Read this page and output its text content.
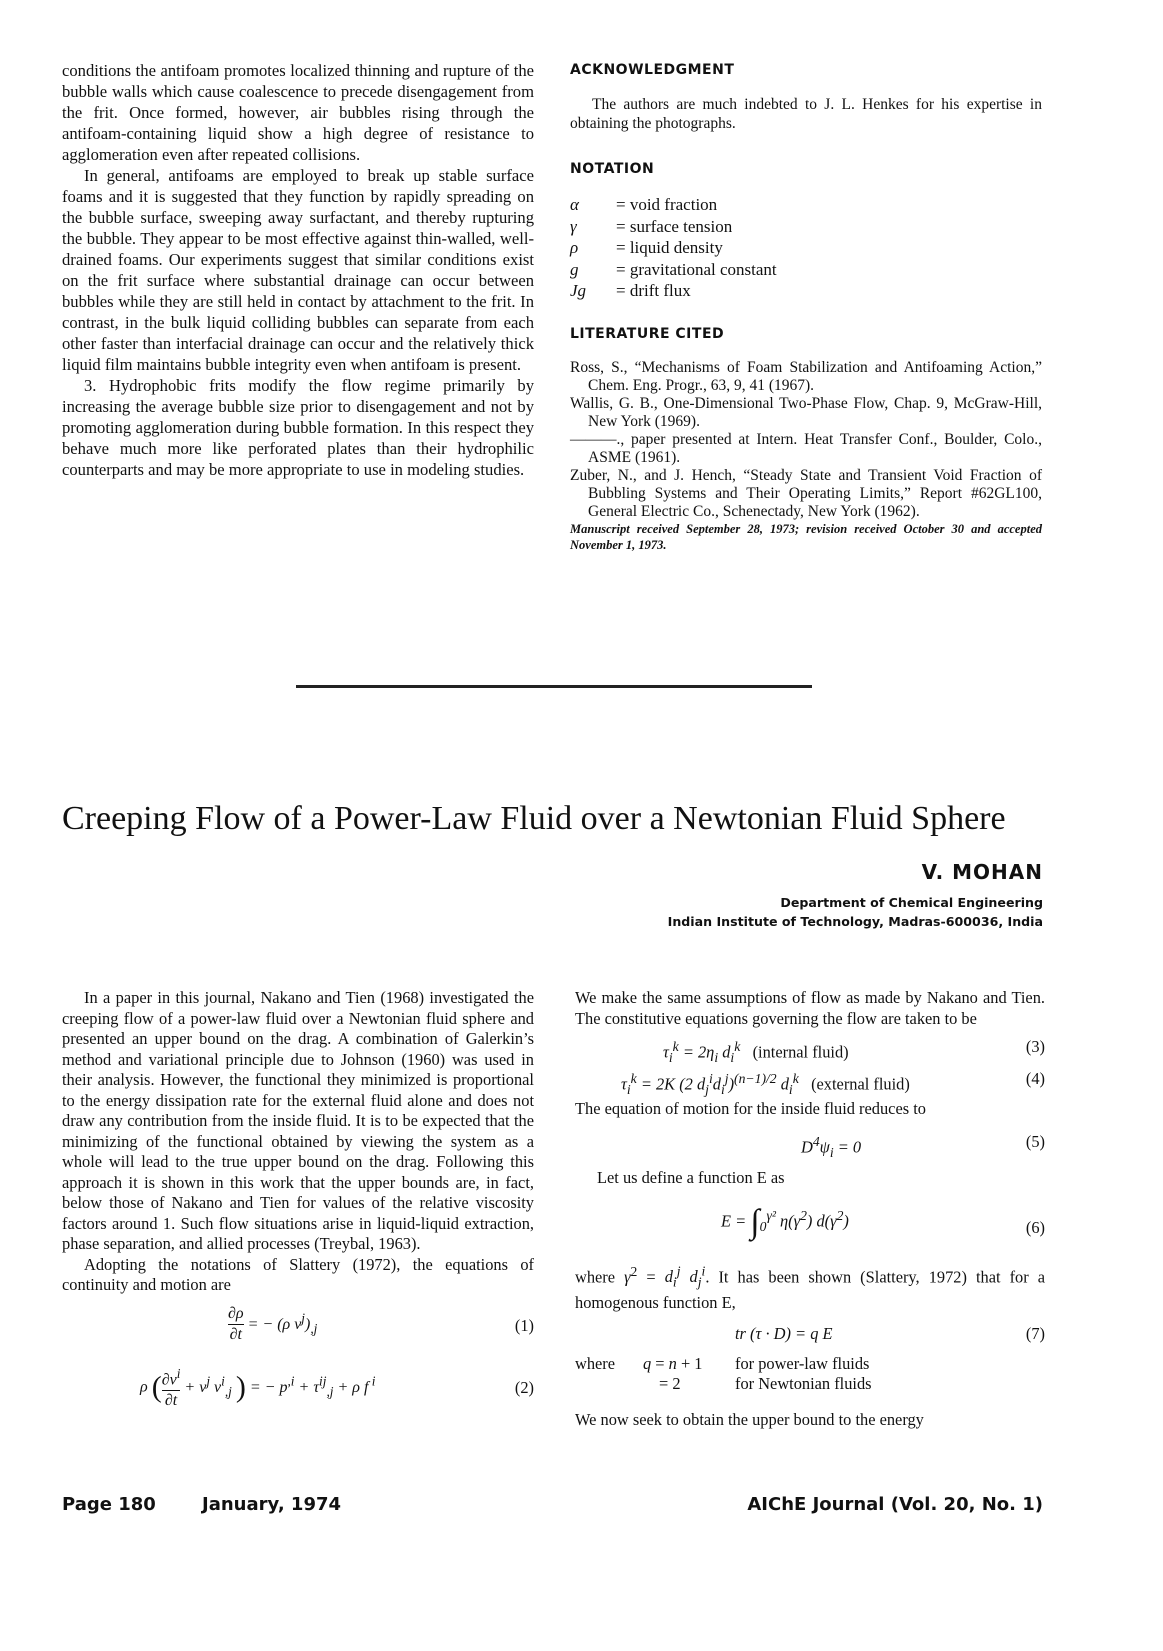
conditions the antifoam promotes localized thinning and rupture of the bubble walls which cause coalescence to precede disengagement from the frit. Once formed, however, air bubbles rising through the antifoam-containing liquid show a high degree of resistance to agglomeration even after repeated collisions.

In general, antifoams are employed to break up stable surface foams and it is suggested that they function by rapidly spreading on the bubble surface, sweeping away surfactant, and thereby rupturing the bubble. They appear to be most effective against thin-walled, well-drained foams. Our experiments suggest that similar conditions exist on the frit surface where substantial drainage can occur between bubbles while they are still held in contact by attachment to the frit. In contrast, in the bulk liquid colliding bubbles can separate from each other faster than interfacial drainage can occur and the relatively thick liquid film maintains bubble integrity even when antifoam is present.

3. Hydrophobic frits modify the flow regime primarily by increasing the average bubble size prior to disengagement and not by promoting agglomeration during bubble formation. In this respect they behave much more like perforated plates than their hydrophilic counterparts and may be more appropriate to use in modeling studies.

ACKNOWLEDGMENT

The authors are much indebted to J. L. Henkes for his expertise in obtaining the photographs.

NOTATION

α	= void fraction
γ	= surface tension
ρ	= liquid density
g	= gravitational constant
Jg	= drift flux

LITERATURE CITED

Ross, S., “Mechanisms of Foam Stabilization and Antifoaming Action,” Chem. Eng. Progr., 63, 9, 41 (1967).

Wallis, G. B., One-Dimensional Two-Phase Flow, Chap. 9, McGraw-Hill, New York (1969).

———., paper presented at Intern. Heat Transfer Conf., Boulder, Colo., ASME (1961).

Zuber, N., and J. Hench, “Steady State and Transient Void Fraction of Bubbling Systems and Their Operating Limits,” Report #62GL100, General Electric Co., Schenectady, New York (1962).

Manuscript received September 28, 1973; revision received October 30 and accepted November 1, 1973.

Creeping Flow of a Power-Law Fluid over a Newtonian Fluid Sphere
V. MOHAN
Department of Chemical Engineering
Indian Institute of Technology, Madras-600036, India

In a paper in this journal, Nakano and Tien (1968) investigated the creeping flow of a power-law fluid over a Newtonian fluid sphere and presented an upper bound on the drag. A combination of Galerkin’s method and variational principle due to Johnson (1960) was used in their analysis. However, the functional they minimized is proportional to the energy dissipation rate for the external fluid alone and does not draw any contribution from the inside fluid. It is to be expected that the minimizing of the functional obtained by viewing the system as a whole will lead to the true upper bound on the drag. Following this approach it is shown in this work that the upper bounds are, in fact, below those of Nakano and Tien for values of the relative viscosity factors around 1. Such flow situations arise in liquid-liquid extraction, phase separation, and allied processes (Treybal, 1963).

Adopting the notations of Slattery (1972), the equations of continuity and motion are

$\frac{\partial\rho}{\partial t}$ = − (ρ $v^j)_{,j}$	(1)
ρ ( $\frac{\partial v^i}{\partial t} + v^j$ $v^i_{,j}$ ) = − $p^{,i} + \tau^{ij}_{,j} + \rho$ f $^i$	(2)

We make the same assumptions of flow as made by Nakano and Tien. The constitutive equations governing the flow are taken to be

$\tau_i^k = 2\eta_i$ $d_i^k$ (internal fluid)	(3)
$\tau_i^k = 2K$ (2 $d_j^id_i^j)^{(n-1)/2}$ $d_i^k$ (external fluid)	(4)

The equation of motion for the inside fluid reduces to

$D^4\psi_i = 0$	(5)

Let us define a function E as

$E = \int_0^{\gamma^2}$ $\eta(\gamma^2)$ $d(\gamma^2)$	(6)

where $\gamma^2 = d_i^j$ $d_j^i$. It has been shown (Slattery, 1972) that for a homogenous function E,

tr (τ · D) = q E	(7)
where q = n + 1 for power-law fluids
= 2	for Newtonian fluids

We now seek to obtain the upper bound to the energy

Page 180	January, 1974	AIChE Journal (Vol. 20, No. 1)
